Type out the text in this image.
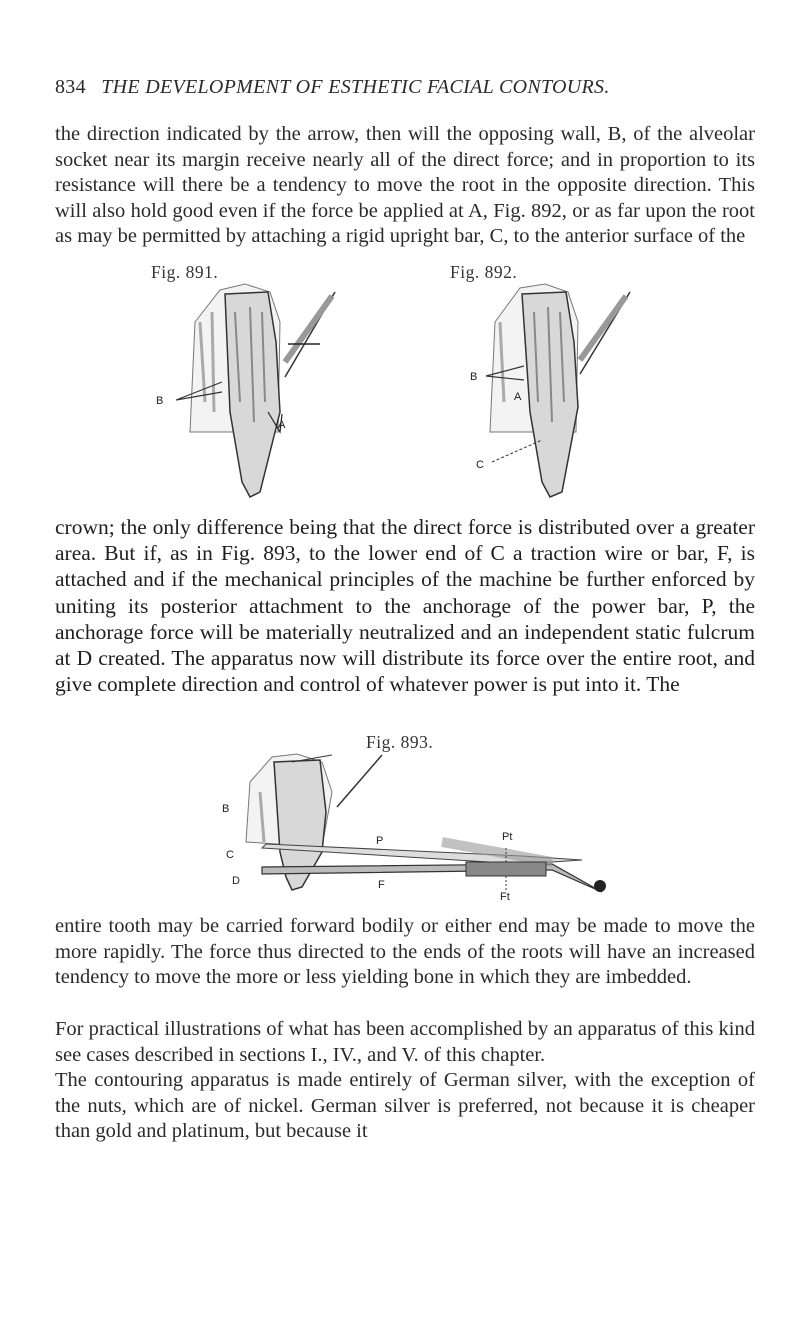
834 THE DEVELOPMENT OF ESTHETIC FACIAL CONTOURS.

the direction indicated by the arrow, then will the opposing wall, B, of the alveolar socket near its margin receive nearly all of the direct force; and in proportion to its resistance will there be a tendency to move the root in the opposite direction. This will also hold good even if the force be applied at A, Fig. 892, or as far upon the root as may be permitted by attaching a rigid upright bar, C, to the anterior surface of the

Fig. 891.
B
A
Fig. 892.
B
A
C

crown; the only difference being that the direct force is distributed over a greater area. But if, as in Fig. 893, to the lower end of C a traction wire or bar, F, is attached and if the mechanical principles of the machine be further enforced by uniting its posterior attachment to the anchorage of the power bar, P, the anchorage force will be materially neutralized and an independent static fulcrum at D created. The apparatus now will distribute its force over the entire root, and give complete direction and control of whatever power is put into it. The

Fig. 893.
B
C
D
P	Pt
F
Ft

entire tooth may be carried forward bodily or either end may be made to move the more rapidly. The force thus directed to the ends of the roots will have an increased tendency to move the more or less yielding bone in which they are imbedded.

For practical illustrations of what has been accomplished by an apparatus of this kind see cases described in sections I., IV., and V. of this chapter.

The contouring apparatus is made entirely of German silver, with the exception of the nuts, which are of nickel. German silver is preferred, not because it is cheaper than gold and platinum, but because it
